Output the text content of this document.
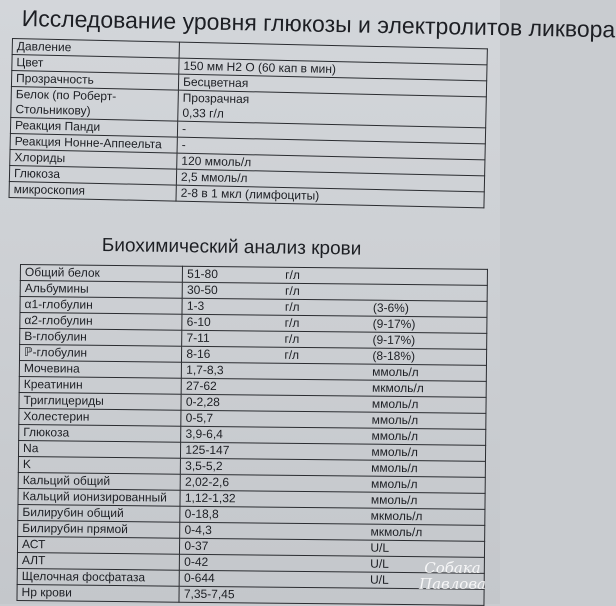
Исследование уровня глюкозы и электролитов ликвора
Давление	
Цвет	150 мм Н2 О (60 кап в мин)
Прозрачность	Бесцветная
Белок (по Роберт-Стольникову)	Прозрачная
0,33 г/л
Реакция Панди	-
Реакция Нонне-Аппеельта	-
Хлориды	120 ммоль/л
Глюкоза	2,5 ммоль/л
микроскопия	2-8 в 1 мкл (лимфоциты)
Биохимический анализ крови
Общий белок	51-80 г/л
Альбумины	30-50 г/л
α1-глобулин	1-3 г/л (3-6%)
α2-глобулин	6-10 г/л (9-17%)
B-глобулин	7-11 г/л (9-17%)
ℙ-глобулин	8-16 г/л (8-18%)
Мочевина	1,7-8,3 ммоль/л
Креатинин	27-62 мкмоль/л
Триглицериды	0-2,28 ммоль/л
Холестерин	0-5,7 ммоль/л
Глюкоза	3,9-6,4 ммоль/л
Na	125-147 ммоль/л
K	3,5-5,2 ммоль/л
Кальций общий	2,02-2,6 ммоль/л
Кальций ионизированный	1,12-1,32 ммоль/л
Билирубин общий	0-18,8 мкмоль/л
Билирубин прямой	0-4,3 мкмоль/л
АСТ	0-37 U/L
АЛТ	0-42 U/L
Щелочная фосфатаза	0-644 U/L
Нр крови	7,35-7,45
Собака
Павлова
